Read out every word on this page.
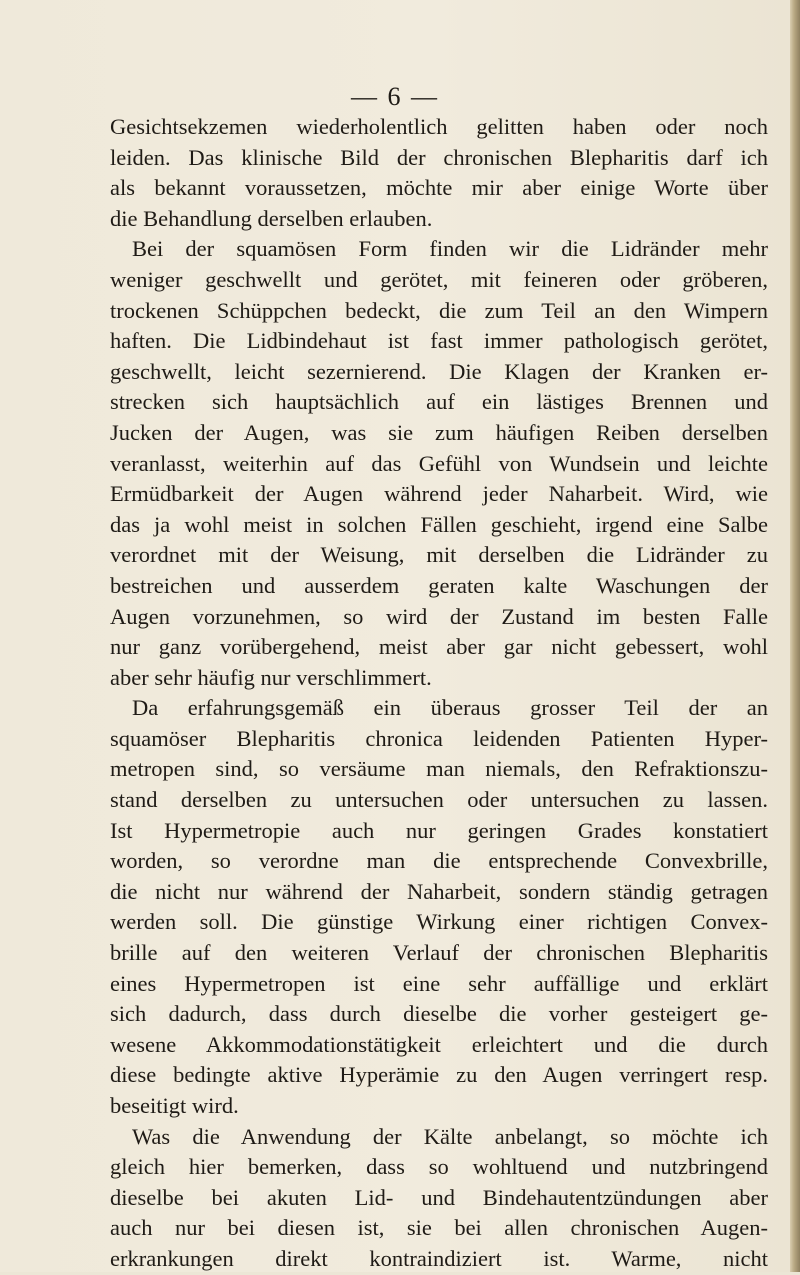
— 6 —
Gesichtsekzemen wiederholentlich gelitten haben oder noch
leiden. Das klinische Bild der chronischen Blepharitis darf ich
als bekannt voraussetzen, möchte mir aber einige Worte über
die Behandlung derselben erlauben.
Bei der squamösen Form finden wir die Lidränder mehr
weniger geschwellt und gerötet, mit feineren oder gröberen,
trockenen Schüppchen bedeckt, die zum Teil an den Wimpern
haften. Die Lidbindehaut ist fast immer pathologisch gerötet,
geschwellt, leicht sezernierend. Die Klagen der Kranken er-
strecken sich hauptsächlich auf ein lästiges Brennen und
Jucken der Augen, was sie zum häufigen Reiben derselben
veranlasst, weiterhin auf das Gefühl von Wundsein und leichte
Ermüdbarkeit der Augen während jeder Naharbeit. Wird, wie
das ja wohl meist in solchen Fällen geschieht, irgend eine Salbe
verordnet mit der Weisung, mit derselben die Lidränder zu
bestreichen und ausserdem geraten kalte Waschungen der
Augen vorzunehmen, so wird der Zustand im besten Falle
nur ganz vorübergehend, meist aber gar nicht gebessert, wohl
aber sehr häufig nur verschlimmert.
Da erfahrungsgemäß ein überaus grosser Teil der an
squamöser Blepharitis chronica leidenden Patienten Hyper-
metropen sind, so versäume man niemals, den Refraktionszu-
stand derselben zu untersuchen oder untersuchen zu lassen.
Ist Hypermetropie auch nur geringen Grades konstatiert
worden, so verordne man die entsprechende Convexbrille,
die nicht nur während der Naharbeit, sondern ständig getragen
werden soll. Die günstige Wirkung einer richtigen Convex-
brille auf den weiteren Verlauf der chronischen Blepharitis
eines Hypermetropen ist eine sehr auffällige und erklärt
sich dadurch, dass durch dieselbe die vorher gesteigert ge-
wesene Akkommodationstätigkeit erleichtert und die durch
diese bedingte aktive Hyperämie zu den Augen verringert resp.
beseitigt wird.
Was die Anwendung der Kälte anbelangt, so möchte ich
gleich hier bemerken, dass so wohltuend und nutzbringend
dieselbe bei akuten Lid- und Bindehautentzündungen aber
auch nur bei diesen ist, sie bei allen chronischen Augen-
erkrankungen direkt kontraindiziert ist. Warme, nicht
